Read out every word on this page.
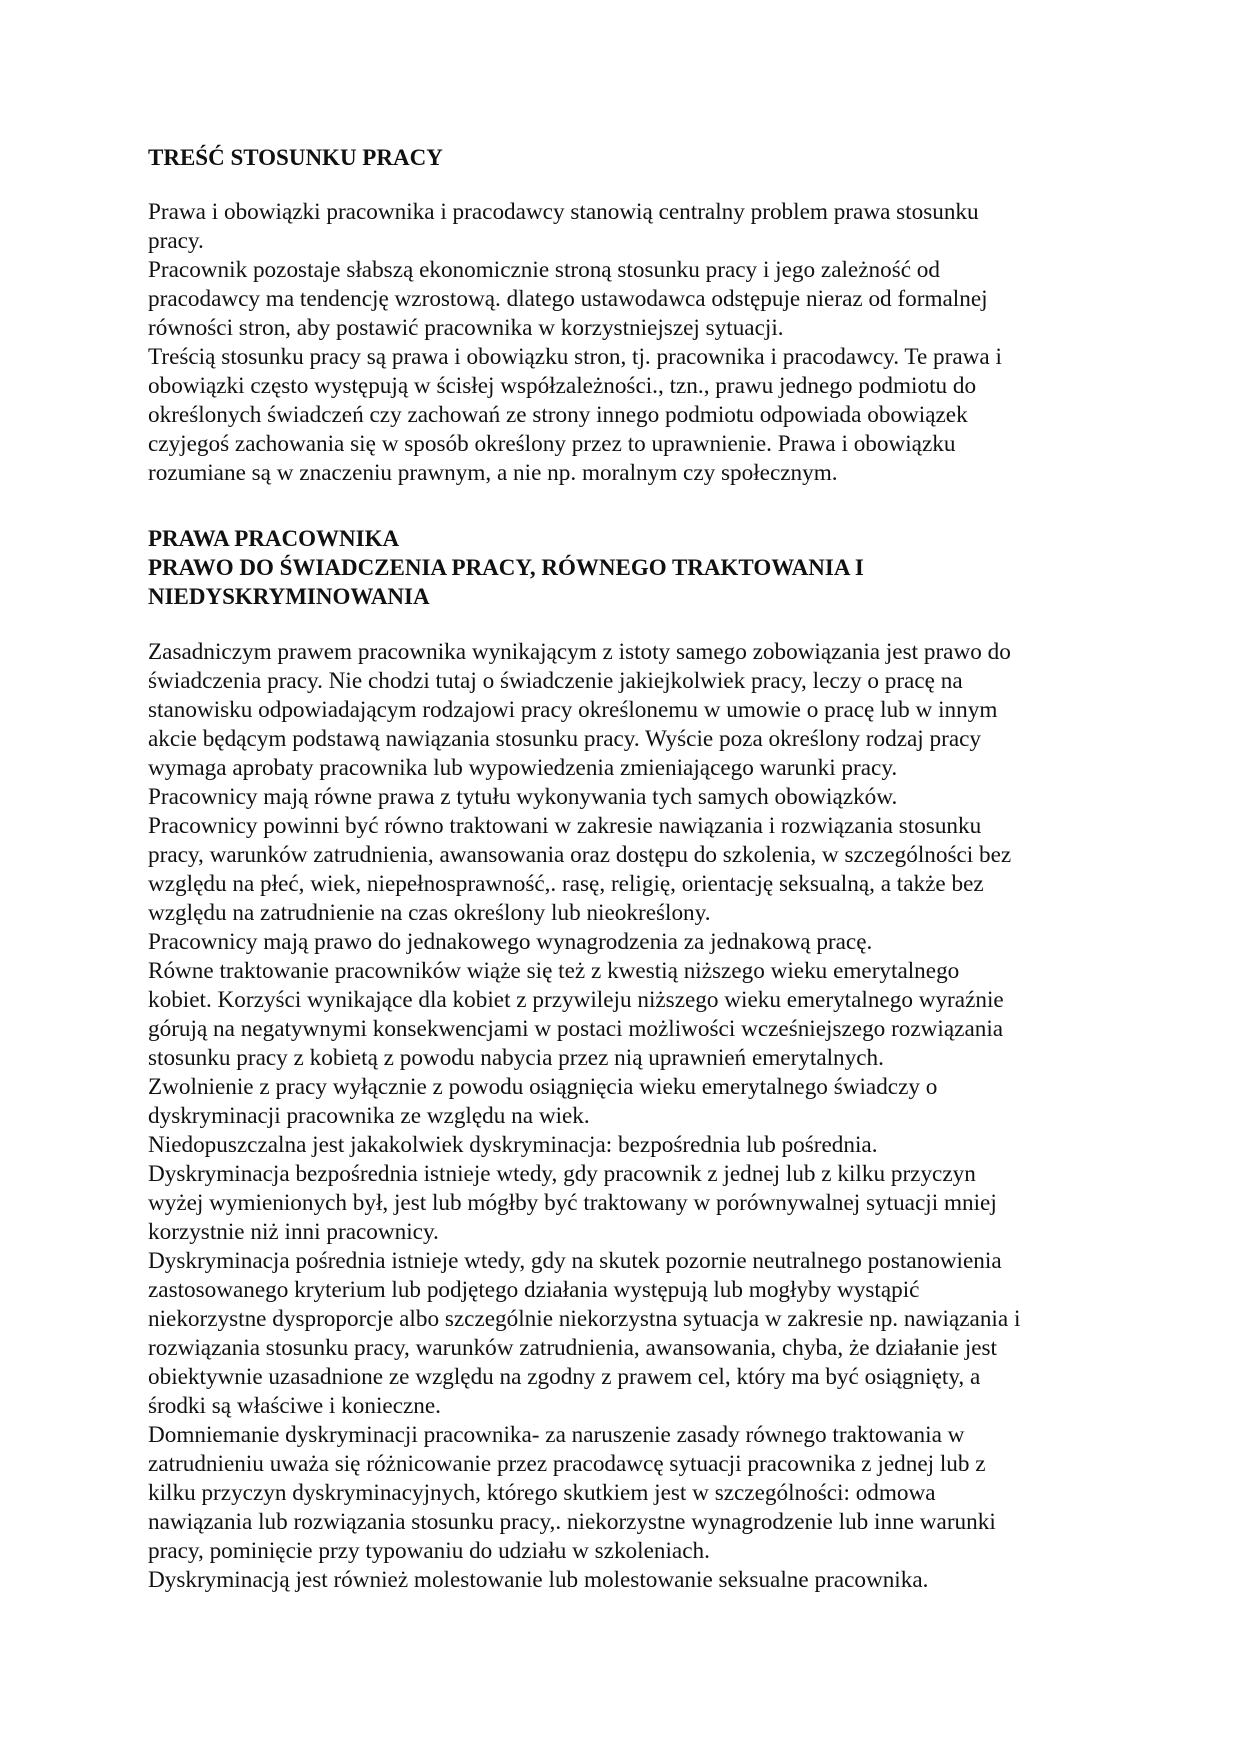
TREŚĆ STOSUNKU PRACY
Prawa i obowiązki pracownika i pracodawcy stanowią centralny problem prawa stosunku
pracy.
Pracownik pozostaje słabszą ekonomicznie stroną stosunku pracy i jego zależność od
pracodawcy ma tendencję wzrostową. dlatego ustawodawca odstępuje nieraz od formalnej
równości stron, aby postawić pracownika w korzystniejszej sytuacji.
Treścią stosunku pracy są prawa i obowiązku stron, tj. pracownika i pracodawcy. Te prawa i
obowiązki często występują w ścisłej współzależności., tzn., prawu jednego podmiotu do
określonych świadczeń czy zachowań ze strony innego podmiotu odpowiada obowiązek
czyjegoś zachowania się w sposób określony przez to uprawnienie. Prawa i obowiązku
rozumiane są w znaczeniu prawnym, a nie np. moralnym czy społecznym.
PRAWA PRACOWNIKA
PRAWO DO ŚWIADCZENIA PRACY, RÓWNEGO TRAKTOWANIA I
NIEDYSKRYMINOWANIA
Zasadniczym prawem pracownika wynikającym z istoty samego zobowiązania jest prawo do
świadczenia pracy. Nie chodzi tutaj o świadczenie jakiejkolwiek pracy, leczy o pracę na
stanowisku odpowiadającym rodzajowi pracy określonemu w umowie o pracę lub w innym
akcie będącym podstawą nawiązania stosunku pracy. Wyście poza określony rodzaj pracy
wymaga aprobaty pracownika lub wypowiedzenia zmieniającego warunki pracy.
Pracownicy mają równe prawa z tytułu wykonywania tych samych obowiązków.
Pracownicy powinni być równo traktowani w zakresie nawiązania i rozwiązania stosunku
pracy, warunków zatrudnienia, awansowania oraz dostępu do szkolenia, w szczególności bez
względu na płeć, wiek, niepełnosprawność,. rasę, religię, orientację seksualną, a także bez
względu na zatrudnienie na czas określony lub nieokreślony.
Pracownicy mają prawo do jednakowego wynagrodzenia za jednakową pracę.
Równe traktowanie pracowników wiąże się też z kwestią niższego wieku emerytalnego
kobiet. Korzyści wynikające dla kobiet z przywileju niższego wieku emerytalnego wyraźnie
górują na negatywnymi konsekwencjami w postaci możliwości wcześniejszego rozwiązania
stosunku pracy z kobietą z powodu nabycia przez nią uprawnień emerytalnych.
Zwolnienie z pracy wyłącznie z powodu osiągnięcia wieku emerytalnego świadczy o
dyskryminacji pracownika ze względu na wiek.
Niedopuszczalna jest jakakolwiek dyskryminacja: bezpośrednia lub pośrednia.
Dyskryminacja bezpośrednia istnieje wtedy, gdy pracownik z jednej lub z kilku przyczyn
wyżej wymienionych był, jest lub mógłby być traktowany w porównywalnej sytuacji mniej
korzystnie niż inni pracownicy.
Dyskryminacja pośrednia istnieje wtedy, gdy na skutek pozornie neutralnego postanowienia
zastosowanego kryterium lub podjętego działania występują lub mogłyby wystąpić
niekorzystne dysproporcje albo szczególnie niekorzystna sytuacja w zakresie np. nawiązania i
rozwiązania stosunku pracy, warunków zatrudnienia, awansowania, chyba, że działanie jest
obiektywnie uzasadnione ze względu na zgodny z prawem cel, który ma być osiągnięty, a
środki są właściwe i konieczne.
Domniemanie dyskryminacji pracownika- za naruszenie zasady równego traktowania w
zatrudnieniu uważa się różnicowanie przez pracodawcę sytuacji pracownika z jednej lub z
kilku przyczyn dyskryminacyjnych, którego skutkiem jest w szczególności: odmowa
nawiązania lub rozwiązania stosunku pracy,. niekorzystne wynagrodzenie lub inne warunki
pracy, pominięcie przy typowaniu do udziału w szkoleniach.
Dyskryminacją jest również molestowanie lub molestowanie seksualne pracownika.
